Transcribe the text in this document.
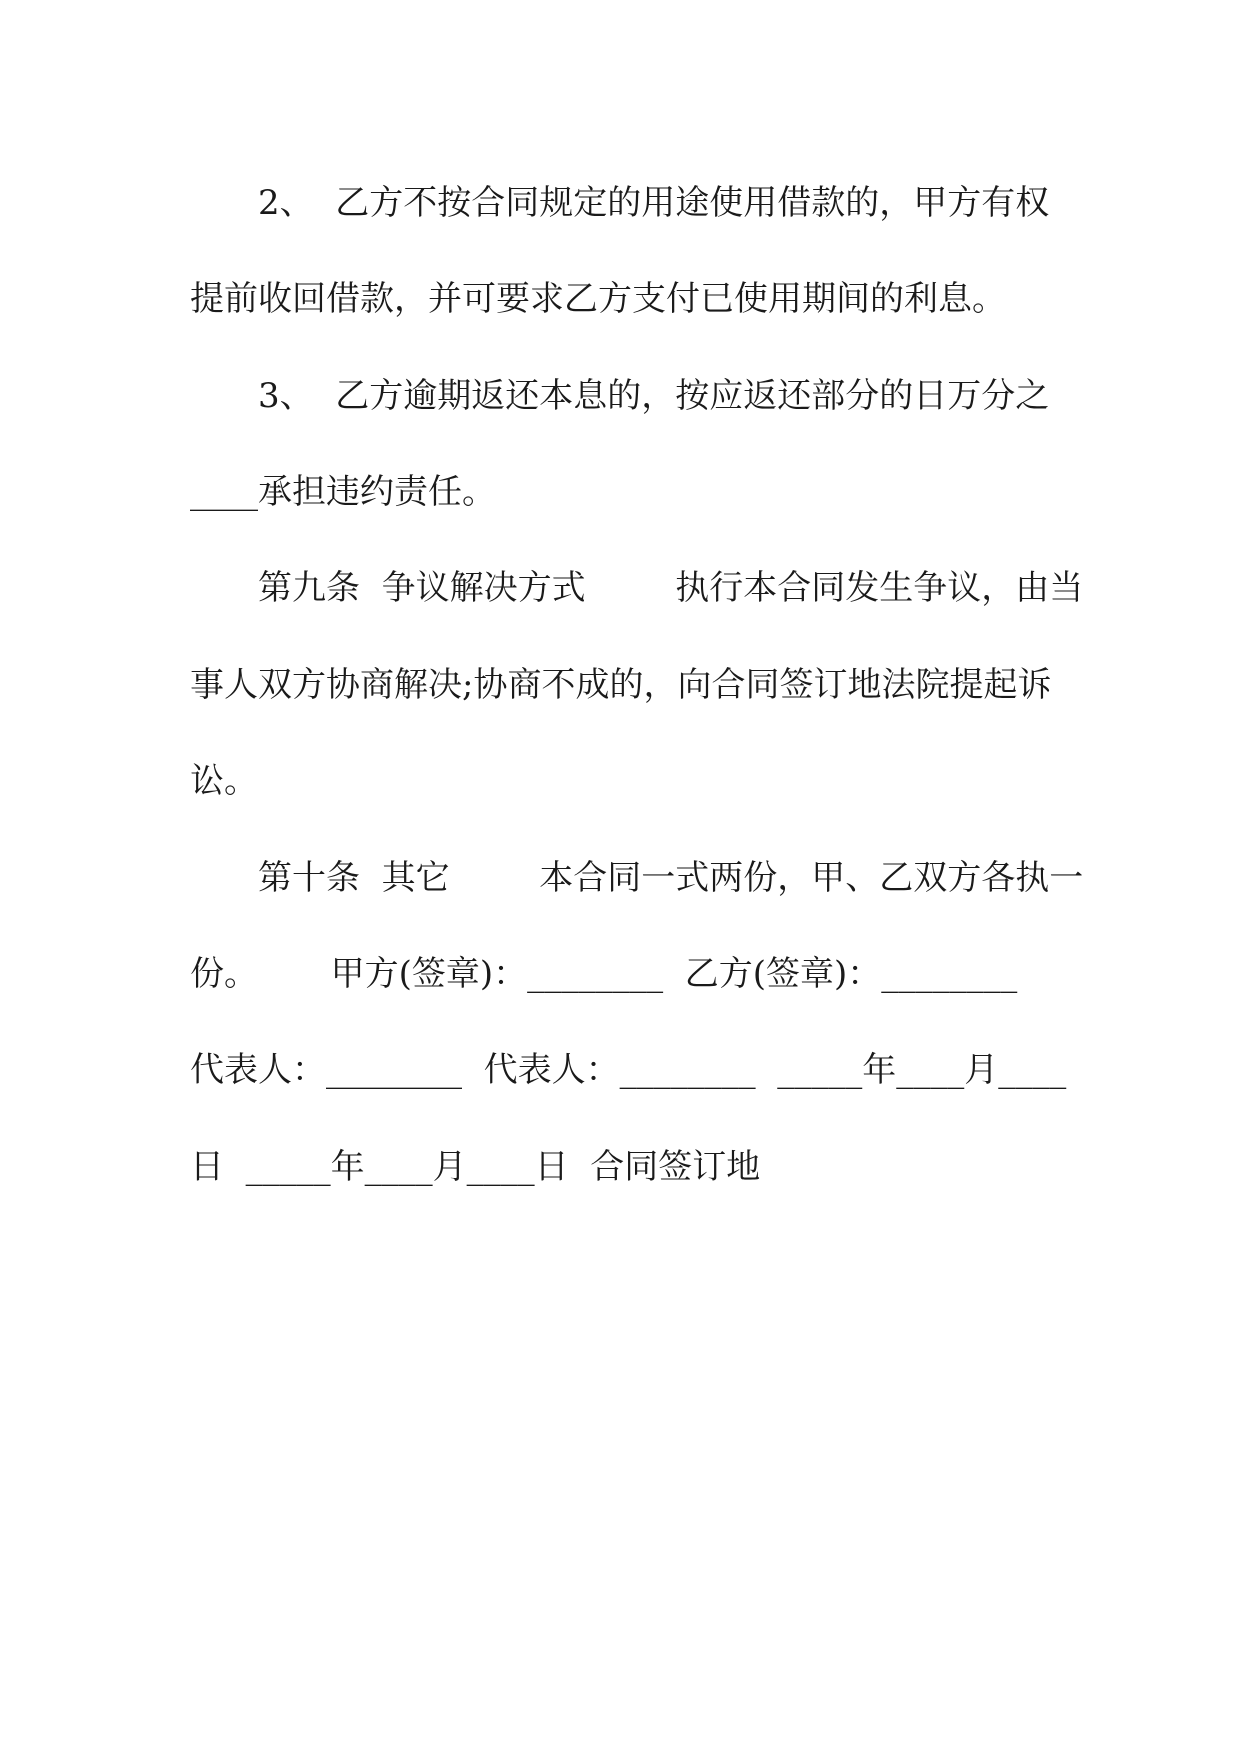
　　2、  乙方不按合同规定的用途使用借款的，甲方有权
提前收回借款，并可要求乙方支付已使用期间的利息。
　　3、  乙方逾期返还本息的，按应返还部分的日万分之
____承担违约责任。
　　第九条  争议解决方式　　  执行本合同发生争议，由当
事人双方协商解决;协商不成的，向合同签订地法院提起诉
讼。
　　第十条  其它　　  本合同一式两份，甲、乙双方各执一
份。　　  甲方(签章)：________  乙方(签章)：________
代表人：________  代表人：________  _____年____月____
日  _____年____月____日  合同签订地
